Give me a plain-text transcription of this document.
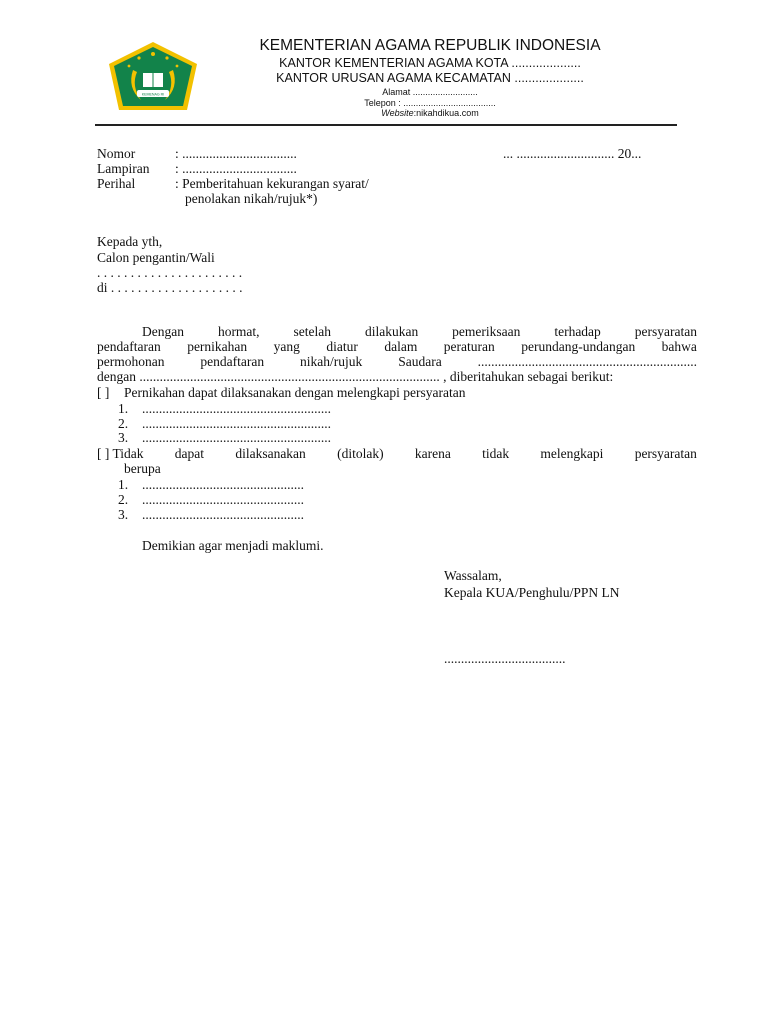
KEMENAG RI
KEMENTERIAN AGAMA REPUBLIK INDONESIA
KANTOR KEMENTERIAN AGAMA KOTA ....................
KANTOR URUSAN AGAMA KECAMATAN ....................
Alamat ..........................
Telepon : .....................................
Website:nikahdikua.com
Nomor	: ..................................	... ............................. 20...
Lampiran : ..................................
Perihal	: Pemberitahuan kekurangan syarat/
penolakan nikah/rujuk*)
Kepada yth,
Calon pengantin/Wali
. . . . . . . . . . . . . . . . . . . . . .
di . . . . . . . . . . . . . . . . . . . .
Dengan	hormat,	setelah	dilakukan	pemeriksaan	terhadap	persyaratan
pendaftaran pernikahan yang diatur dalam peraturan perundang-undangan bahwa
permohonan	pendaftaran	nikah/rujuk	Saudara	.................................................................
dengan ......................................................................................... , diberitahukan sebagai berikut:
[ ] Pernikahan dapat dilaksanakan dengan melengkapi persyaratan
1. ........................................................
2. ........................................................
3. ........................................................
[ ] Tidak dapat dilaksanakan (ditolak) karena tidak melengkapi persyaratan
berupa
1. ................................................
2. ................................................
3. ................................................
Demikian agar menjadi maklumi.
Wassalam,
Kepala KUA/Penghulu/PPN LN
....................................
